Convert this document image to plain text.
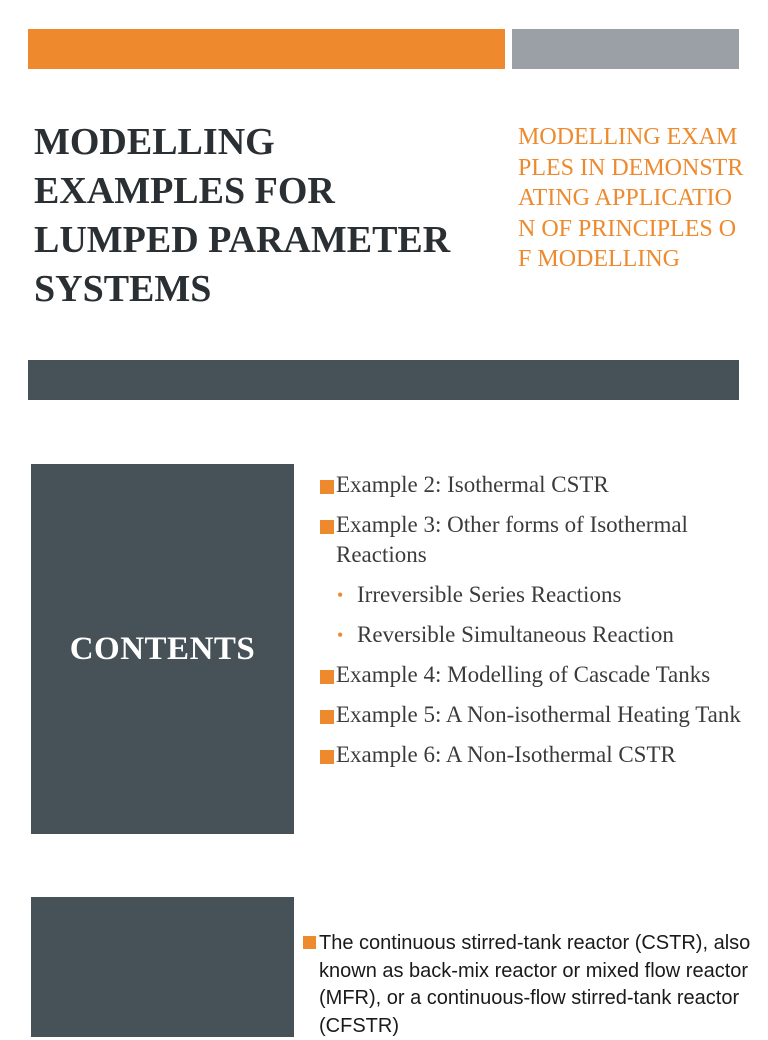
MODELLING EXAMPLES FOR LUMPED PARAMETER SYSTEMS

MODELLING EXAMPLES IN DEMONSTRATING APPLICATION OF PRINCIPLES OF MODELLING

CONTENTS
Example 2: Isothermal CSTR
Example 3: Other forms of Isothermal Reactions
• Irreversible Series Reactions
• Reversible Simultaneous Reaction
Example 4: Modelling of Cascade Tanks
Example 5: A Non-isothermal Heating Tank
Example 6: A Non-Isothermal CSTR

The continuous stirred-tank reactor (CSTR), also known as back-mix reactor or mixed flow reactor (MFR), or a continuous-flow stirred-tank reactor (CFSTR)
